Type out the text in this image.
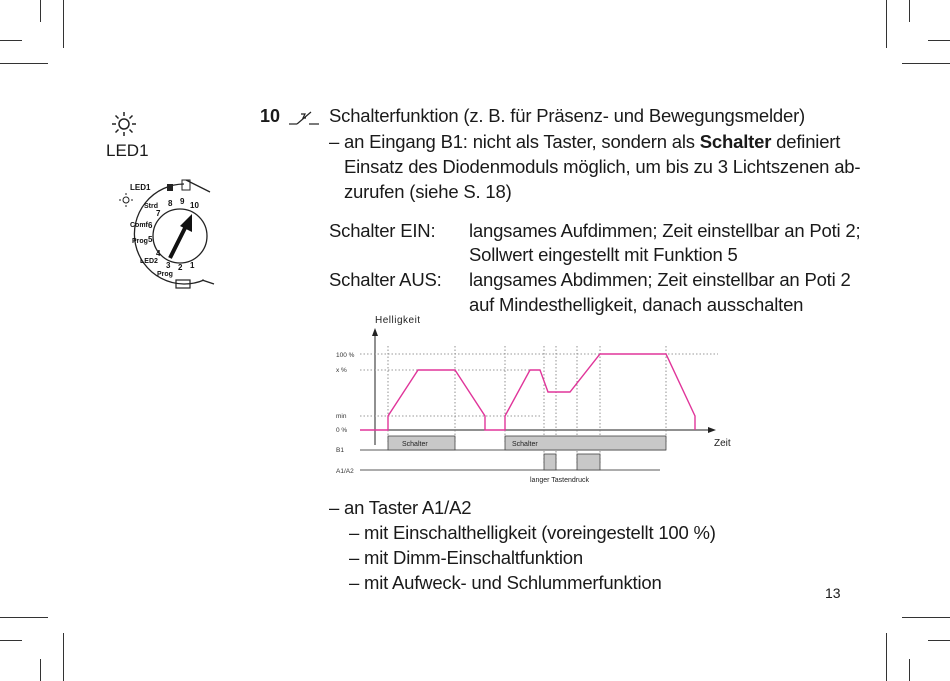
LED1
LED1
Strd
Comf
Prog
LED2
Prog
8 9 10
7
6
5
4
3 2 1
10	Schalterfunktion (z. B. für Präsenz- und Bewegungsmelder)
– an Eingang B1: nicht als Taster, sondern als Schalter definiert
Einsatz des Diodenmoduls möglich, um bis zu 3 Lichtszenen ab-
zurufen (siehe S. 18)
Schalter EIN: langsames Aufdimmen; Zeit einstellbar an Poti 2;
Sollwert eingestellt mit Funktion 5
Schalter AUS: langsames Abdimmen; Zeit einstellbar an Poti 2
auf Mindesthelligkeit, danach ausschalten
Helligkeit
Zeit
100 %
x %
min
0 %
B1
A1/A2
Schalter	Schalter
langer Tastendruck
– an Taster A1/A2
– mit Einschalthelligkeit (voreingestellt 100 %)
– mit Dimm-Einschaltfunktion
– mit Aufweck- und Schlummerfunktion	13
